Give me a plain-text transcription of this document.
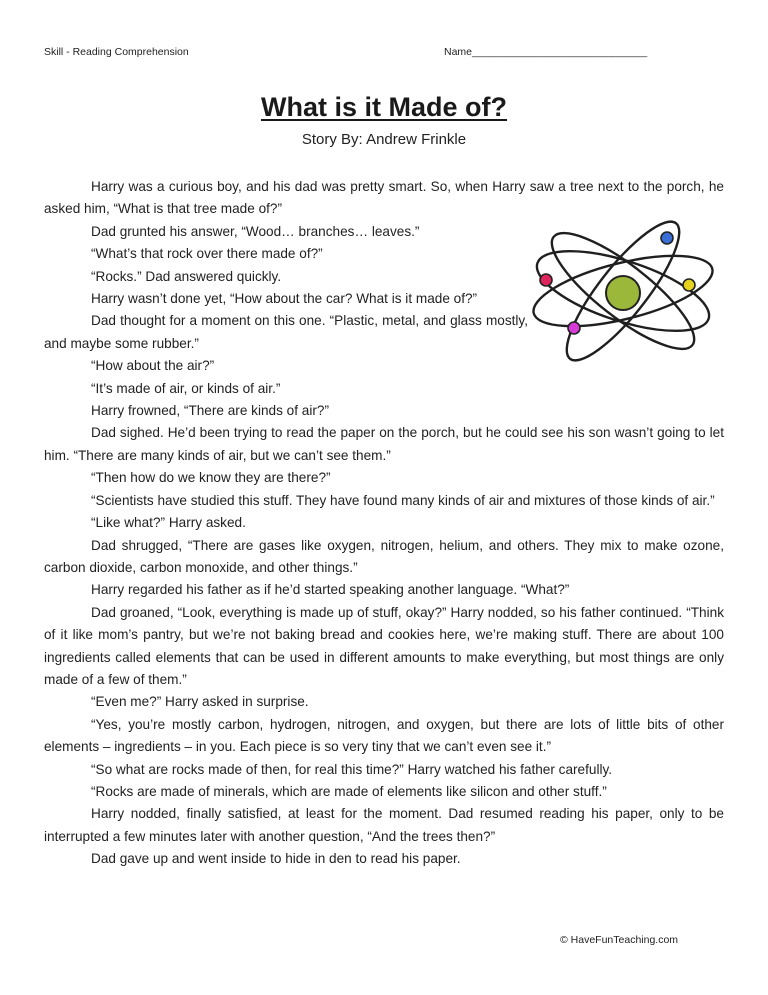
Skill - Reading Comprehension	Name______________________________
What is it Made of?
Story By: Andrew Frinkle

Harry was a curious boy, and his dad was pretty smart. So, when Harry saw a tree next to the porch, he asked him, “What is that tree made of?”

Dad grunted his answer, “Wood… branches… leaves.”

“What’s that rock over there made of?”

“Rocks.” Dad answered quickly.

Harry wasn’t done yet, “How about the car? What is it made of?”

Dad thought for a moment on this one. “Plastic, metal, and glass mostly, and maybe some rubber.”

“How about the air?”

“It’s made of air, or kinds of air.”

Harry frowned, “There are kinds of air?”

Dad sighed. He’d been trying to read the paper on the porch, but he could see his son wasn’t going to let him. “There are many kinds of air, but we can’t see them.”

“Then how do we know they are there?”

“Scientists have studied this stuff. They have found many kinds of air and mixtures of those kinds of air.”

“Like what?” Harry asked.

Dad shrugged, “There are gases like oxygen, nitrogen, helium, and others. They mix to make ozone, carbon dioxide, carbon monoxide, and other things.”

Harry regarded his father as if he’d started speaking another language. “What?”

Dad groaned, “Look, everything is made up of stuff, okay?” Harry nodded, so his father continued. “Think of it like mom’s pantry, but we’re not baking bread and cookies here, we’re making stuff. There are about 100 ingredients called elements that can be used in different amounts to make everything, but most things are only made of a few of them.”

“Even me?” Harry asked in surprise.

“Yes, you’re mostly carbon, hydrogen, nitrogen, and oxygen, but there are lots of little bits of other elements – ingredients – in you. Each piece is so very tiny that we can’t even see it.”

“So what are rocks made of then, for real this time?” Harry watched his father carefully.

“Rocks are made of minerals, which are made of elements like silicon and other stuff.”

Harry nodded, finally satisfied, at least for the moment. Dad resumed reading his paper, only to be interrupted a few minutes later with another question, “And the trees then?”

Dad gave up and went inside to hide in den to read his paper.

© HaveFunTeaching.com
